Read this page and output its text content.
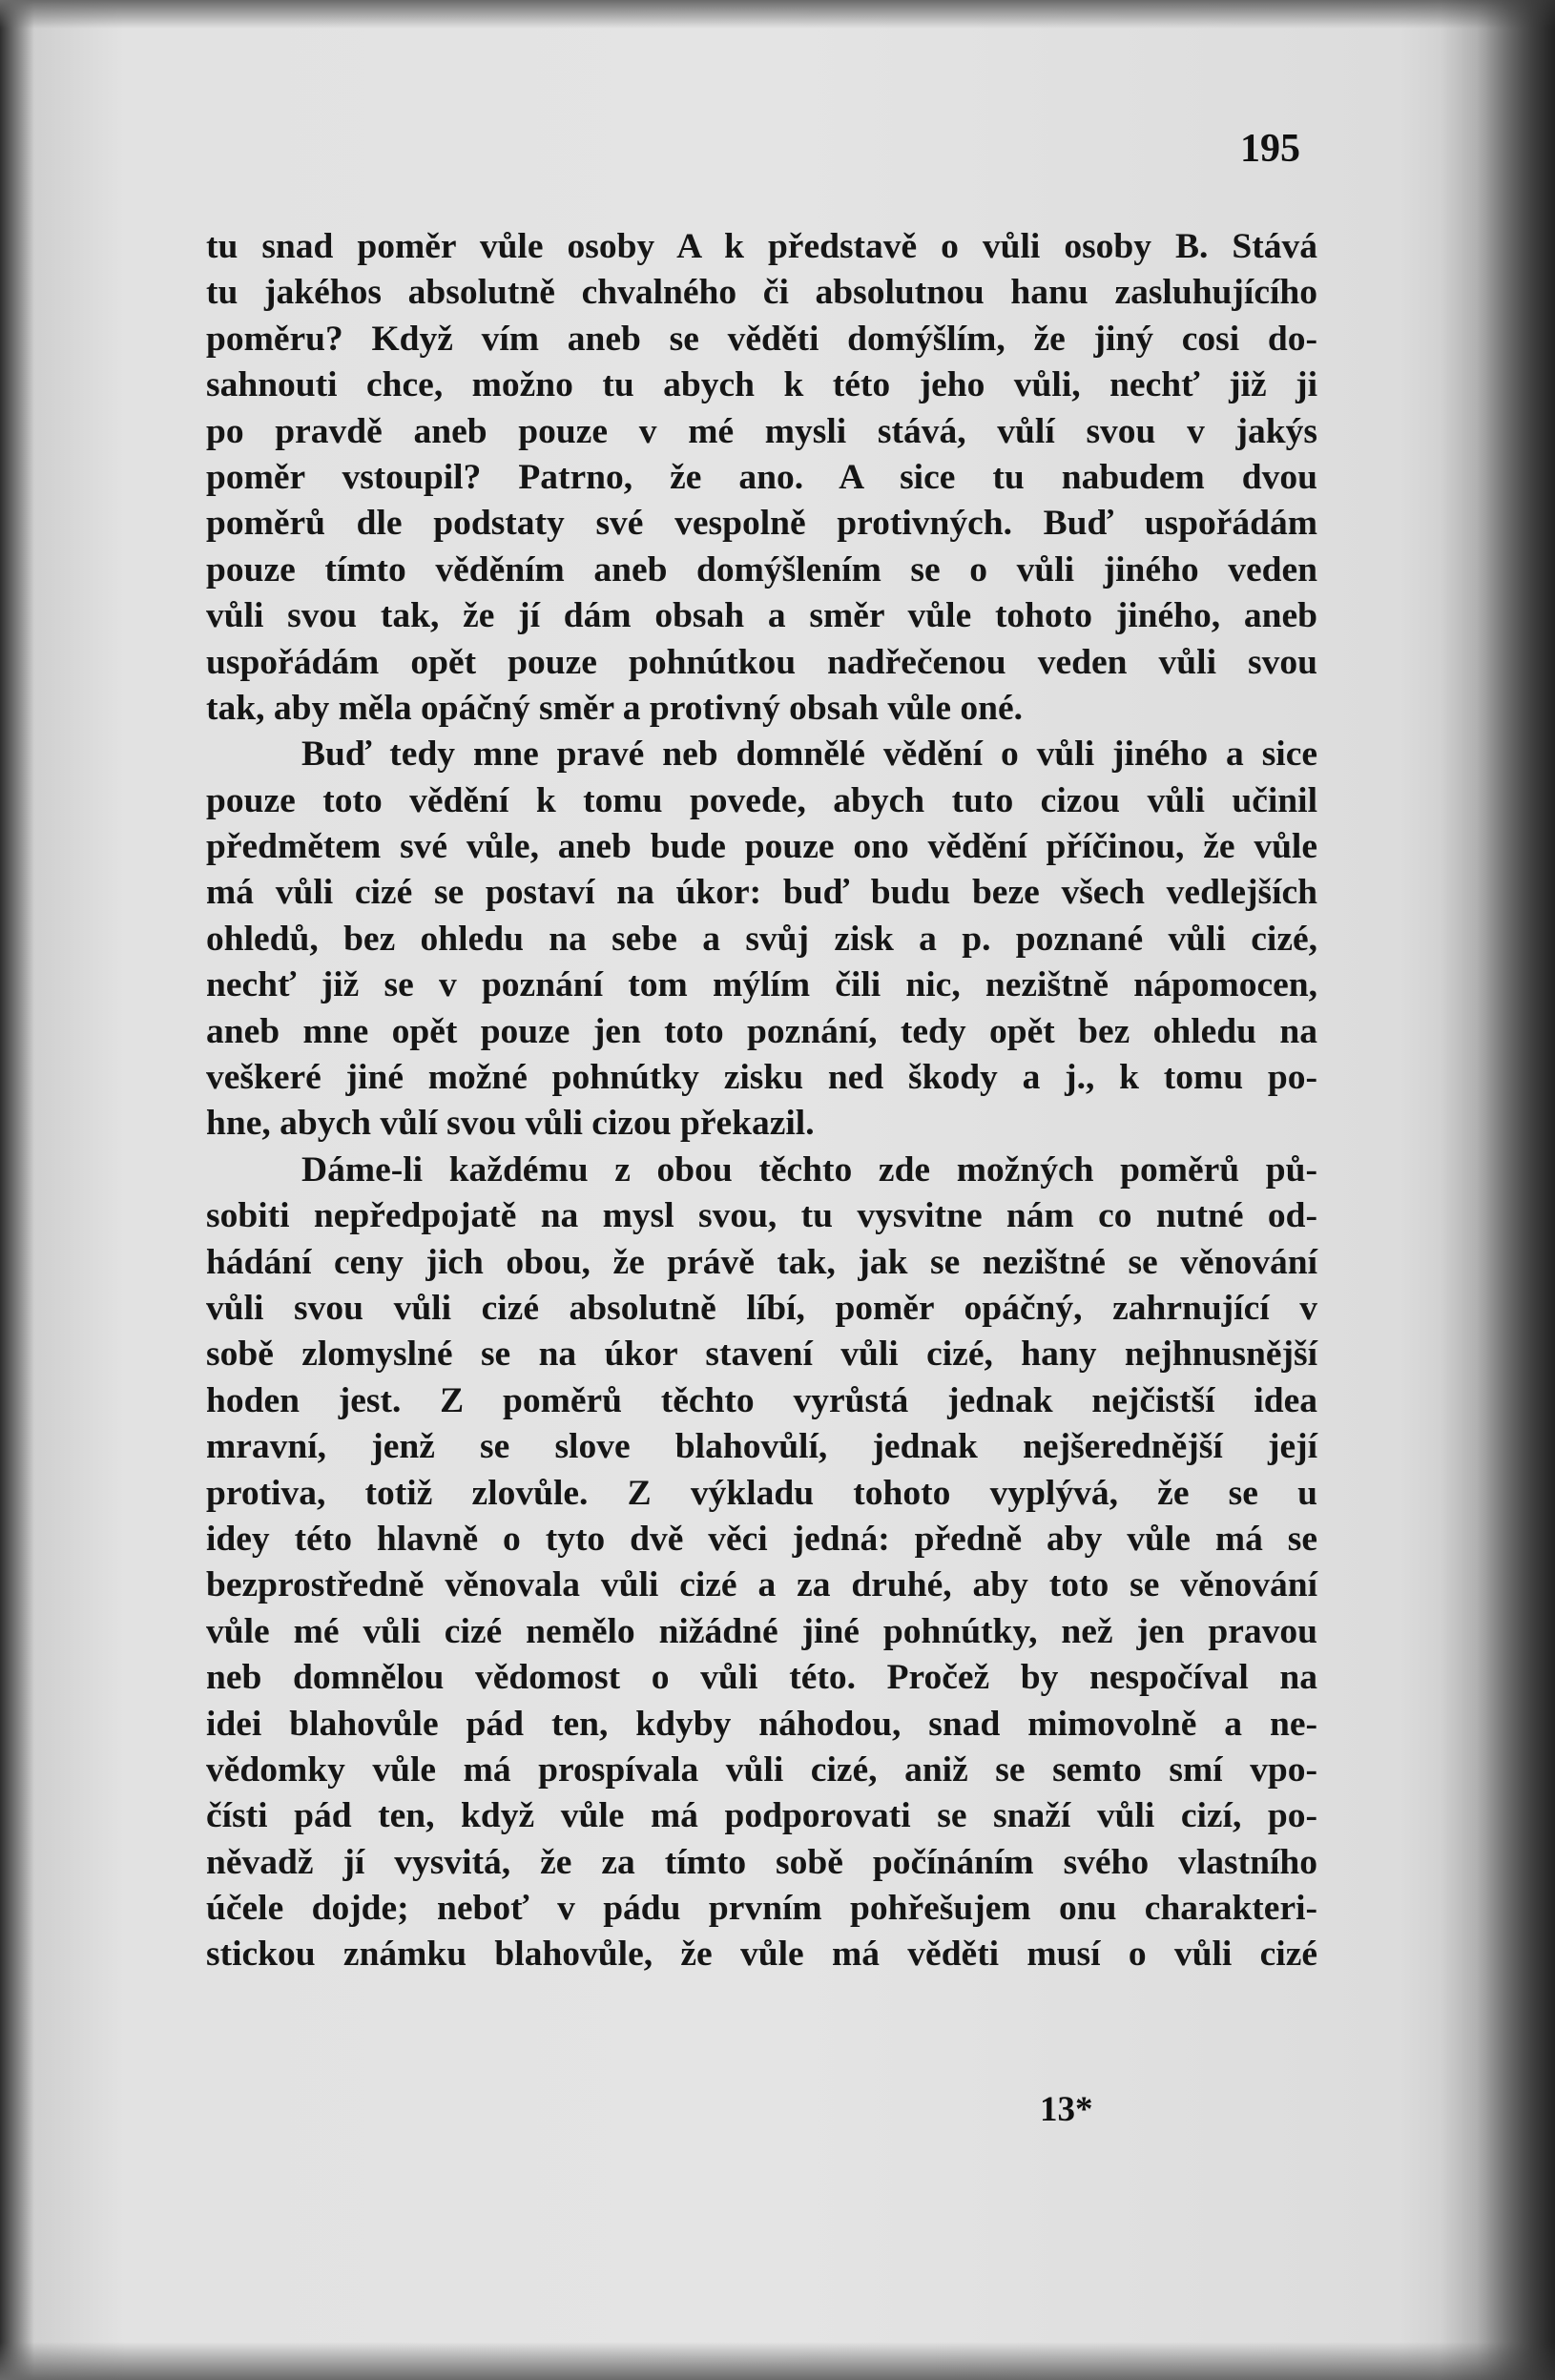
195
tu snad poměr vůle osoby A k představě o vůli osoby B. Stává
tu jakéhos absolutně chvalného či absolutnou hanu zasluhujícího
poměru? Když vím aneb se věděti domýšlím, že jiný cosi do-
sahnouti chce, možno tu abych k této jeho vůli, nechť již ji
po pravdě aneb pouze v mé mysli stává, vůlí svou v jakýs
poměr vstoupil? Patrno, že ano. A sice tu nabudem dvou
poměrů dle podstaty své vespolně protivných. Buď uspořádám
pouze tímto věděním aneb domýšlením se o vůli jiného veden
vůli svou tak, že jí dám obsah a směr vůle tohoto jiného, aneb
uspořádám opět pouze pohnútkou nadřečenou veden vůli svou
tak, aby měla opáčný směr a protivný obsah vůle oné.
Buď tedy mne pravé neb domnělé vědění o vůli jiného a sice
pouze toto vědění k tomu povede, abych tuto cizou vůli učinil
předmětem své vůle, aneb bude pouze ono vědění příčinou, že vůle
má vůli cizé se postaví na úkor: buď budu beze všech vedlejších
ohledů, bez ohledu na sebe a svůj zisk a p. poznané vůli cizé,
nechť již se v poznání tom mýlím čili nic, nezištně nápomocen,
aneb mne opět pouze jen toto poznání, tedy opět bez ohledu na
veškeré jiné možné pohnútky zisku ned škody a j., k tomu po-
hne, abych vůlí svou vůli cizou překazil.
Dáme-li každému z obou těchto zde možných poměrů pů-
sobiti nepředpojatě na mysl svou, tu vysvitne nám co nutné od-
hádání ceny jich obou, že právě tak, jak se nezištné se věnování
vůli svou vůli cizé absolutně líbí, poměr opáčný, zahrnující v
sobě zlomyslné se na úkor stavení vůli cizé, hany nejhnusnější
hoden jest. Z poměrů těchto vyrůstá jednak nejčistší idea
mravní, jenž se slove blahovůlí, jednak nejšerednější její
protiva, totiž zlovůle. Z výkladu tohoto vyplývá, že se u
idey této hlavně o tyto dvě věci jedná: předně aby vůle má se
bezprostředně věnovala vůli cizé a za druhé, aby toto se věnování
vůle mé vůli cizé nemělo nižádné jiné pohnútky, než jen pravou
neb domnělou vědomost o vůli této. Pročež by nespočíval na
idei blahovůle pád ten, kdyby náhodou, snad mimovolně a ne-
vědomky vůle má prospívala vůli cizé, aniž se semto smí vpo-
čísti pád ten, když vůle má podporovati se snaží vůli cizí, po-
něvadž jí vysvitá, že za tímto sobě počínáním svého vlastního
účele dojde; neboť v pádu prvním pohřešujem onu charakteri-
stickou známku blahovůle, že vůle má věděti musí o vůli cizé
13*
